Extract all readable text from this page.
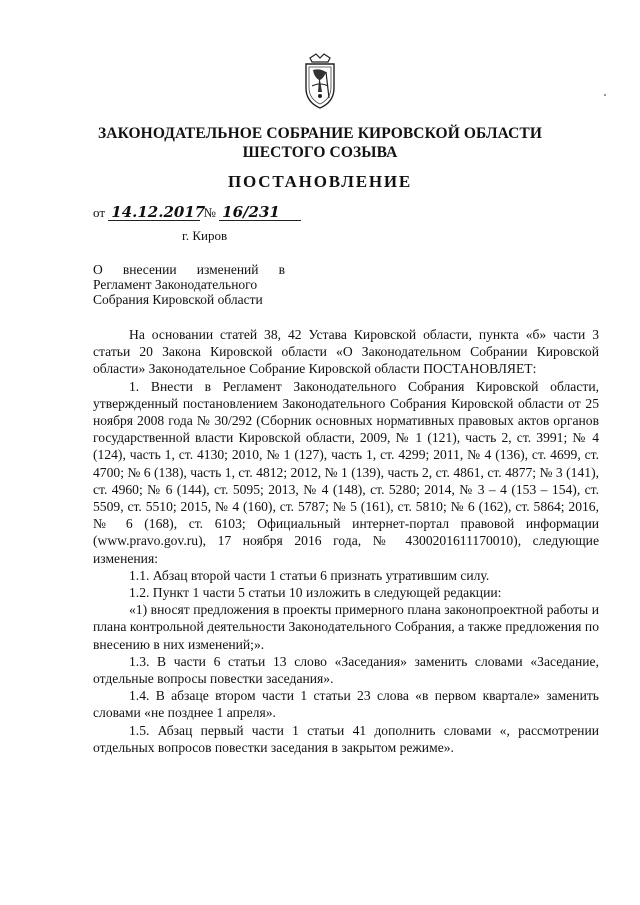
ЗАКОНОДАТЕЛЬНОЕ СОБРАНИЕ КИРОВСКОЙ ОБЛАСТИ
ШЕСТОГО СОЗЫВА
ПОСТАНОВЛЕНИЕ
от 14.12.2017 № 16/231
г. Киров
О внесении изменений в
Регламент Законодательного
Собрания Кировской области

На основании статей 38, 42 Устава Кировской области, пункта «б» части 3 статьи 20 Закона Кировской области «О Законодательном Собрании Кировской области» Законодательное Собрание Кировской области ПОСТАНОВЛЯЕТ:

1. Внести в Регламент Законодательного Собрания Кировской области, утвержденный постановлением Законодательного Собрания Кировской области от 25 ноября 2008 года № 30/292 (Сборник основных нормативных правовых актов органов государственной власти Кировской области, 2009, № 1 (121), часть 2, ст. 3991; № 4 (124), часть 1, ст. 4130; 2010, № 1 (127), часть 1, ст. 4299; 2011, № 4 (136), ст. 4699, ст. 4700; № 6 (138), часть 1, ст. 4812; 2012, № 1 (139), часть 2, ст. 4861, ст. 4877; № 3 (141), ст. 4960; № 6 (144), ст. 5095; 2013, № 4 (148), ст. 5280; 2014, № 3 – 4 (153 – 154), ст. 5509, ст. 5510; 2015, № 4 (160), ст. 5787; № 5 (161), ст. 5810; № 6 (162), ст. 5864; 2016, № 6 (168), ст. 6103; Официальный интернет-портал правовой информации (www.pravo.gov.ru), 17 ноября 2016 года, № 4300201611170010), следующие изменения:

1.1. Абзац второй части 1 статьи 6 признать утратившим силу.

1.2. Пункт 1 части 5 статьи 10 изложить в следующей редакции:

«1) вносят предложения в проекты примерного плана законопроектной работы и плана контрольной деятельности Законодательного Собрания, а также предложения по внесению в них изменений;».

1.3. В части 6 статьи 13 слово «Заседания» заменить словами «Заседание, отдельные вопросы повестки заседания».

1.4. В абзаце втором части 1 статьи 23 слова «в первом квартале» заменить словами «не позднее 1 апреля».

1.5. Абзац первый части 1 статьи 41 дополнить словами «, рассмотрении отдельных вопросов повестки заседания в закрытом режиме».
